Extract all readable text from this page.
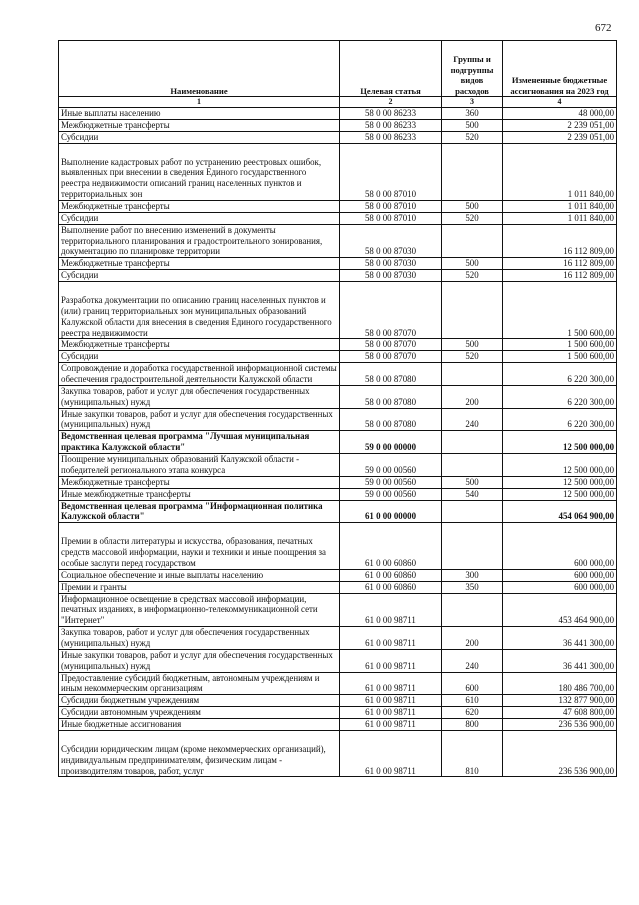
672
Наименование	Целевая статья	Группы и подгруппы видов расходов	Измененные бюджетные ассигнования на 2023 год
1	2	3	4
Иные выплаты населению	58 0 00 86233	360	48 000,00
Межбюджетные трансферты	58 0 00 86233	500	2 239 051,00
Субсидии	58 0 00 86233	520	2 239 051,00
Выполнение кадастровых работ по устранению реестровых ошибок, выявленных при внесении в сведения Единого государственного реестра недвижимости описаний границ населенных пунктов и территориальных зон	58 0 00 87010		1 011 840,00
Межбюджетные трансферты	58 0 00 87010	500	1 011 840,00
Субсидии	58 0 00 87010	520	1 011 840,00
Выполнение работ по внесению изменений в документы территориального планирования и градостроительного зонирования, документацию по планировке территории	58 0 00 87030		16 112 809,00
Межбюджетные трансферты	58 0 00 87030	500	16 112 809,00
Субсидии	58 0 00 87030	520	16 112 809,00
Разработка документации по описанию границ населенных пунктов и (или) границ территориальных зон муниципальных образований Калужской области для внесения в сведения Единого государственного реестра недвижимости	58 0 00 87070		1 500 600,00
Межбюджетные трансферты	58 0 00 87070	500	1 500 600,00
Субсидии	58 0 00 87070	520	1 500 600,00
Сопровождение и доработка государственной информационной системы обеспечения градостроительной деятельности Калужской области	58 0 00 87080		6 220 300,00
Закупка товаров, работ и услуг для обеспечения государственных (муниципальных) нужд	58 0 00 87080	200	6 220 300,00
Иные закупки товаров, работ и услуг для обеспечения государственных (муниципальных) нужд	58 0 00 87080	240	6 220 300,00
Ведомственная целевая программа "Лучшая муниципальная практика Калужской области"	59 0 00 00000		12 500 000,00
Поощрение муниципальных образований Калужской области - победителей регионального этапа конкурса	59 0 00 00560		12 500 000,00
Межбюджетные трансферты	59 0 00 00560	500	12 500 000,00
Иные межбюджетные трансферты	59 0 00 00560	540	12 500 000,00
Ведомственная целевая программа "Информационная политика Калужской области"	61 0 00 00000		454 064 900,00
Премии в области литературы и искусства, образования, печатных средств массовой информации, науки и техники и иные поощрения за особые заслуги перед государством	61 0 00 60860		600 000,00
Социальное обеспечение и иные выплаты населению	61 0 00 60860	300	600 000,00
Премии и гранты	61 0 00 60860	350	600 000,00
Информационное освещение в средствах массовой информации, печатных изданиях, в информационно-телекоммуникационной сети "Интернет"	61 0 00 98711		453 464 900,00
Закупка товаров, работ и услуг для обеспечения государственных (муниципальных) нужд	61 0 00 98711	200	36 441 300,00
Иные закупки товаров, работ и услуг для обеспечения государственных (муниципальных) нужд	61 0 00 98711	240	36 441 300,00
Предоставление субсидий бюджетным, автономным учреждениям и иным некоммерческим организациям	61 0 00 98711	600	180 486 700,00
Субсидии бюджетным учреждениям	61 0 00 98711	610	132 877 900,00
Субсидии автономным учреждениям	61 0 00 98711	620	47 608 800,00
Иные бюджетные ассигнования	61 0 00 98711	800	236 536 900,00
Субсидии юридическим лицам (кроме некоммерческих организаций), индивидуальным предпринимателям, физическим лицам - производителям товаров, работ, услуг	61 0 00 98711	810	236 536 900,00
